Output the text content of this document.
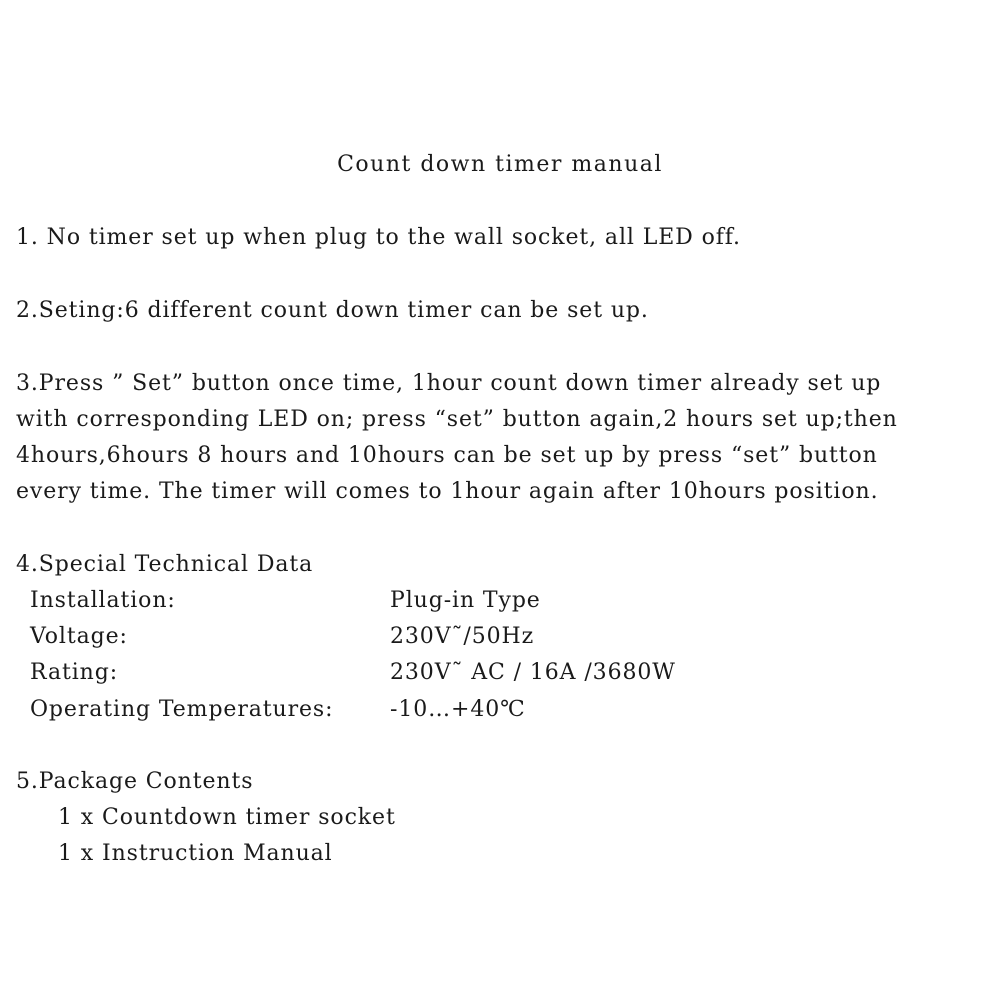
Count down timer manual
1. No timer set up when plug to the wall socket, all LED off.
2.Seting:6 different count down timer can be set up.
3.Press ” Set” button once time, 1hour count down timer already set up
with corresponding LED on; press “set” button again,2 hours set up;then
4hours,6hours 8 hours and 10hours can be set up by press “set” button
every time. The timer will comes to 1hour again after 10hours position.
4.Special Technical Data
Installation:	Plug-in Type
Voltage:	230V˜/50Hz
Rating:	230V˜ AC / 16A /3680W
Operating Temperatures:	-10…+40℃
5.Package Contents
1 x Countdown timer socket
1 x Instruction Manual
